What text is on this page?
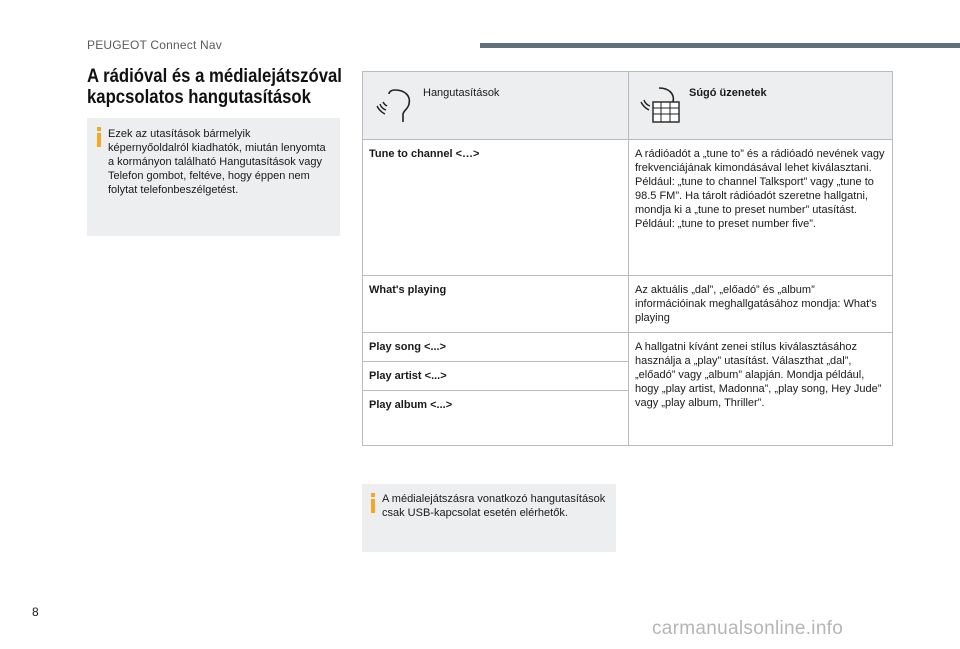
PEUGEOT Connect Nav
A rádióval és a médialejátszóval
kapcsolatos hangutasítások
Ezek az utasítások bármelyik képernyőoldalról kiadhatók, miután lenyomta a kormányon található Hangutasítások vagy Telefon gombot, feltéve, hogy éppen nem folytat telefonbeszélgetést.
Hangutasítások	Súgó üzenetek

Tune to channel <…>	A rádióadót a „tune to” és a rádióadó nevének vagy frekvenciájának kimondásával lehet kiválasztani. Például: „tune to channel Talksport” vagy „tune to 98.5 FM”. Ha tárolt rádióadót szeretne hallgatni, mondja ki a „tune to preset number” utasítást. Például: „tune to preset number five”.
What's playing	Az aktuális „dal”, „előadó” és „album” információinak meghallgatásához mondja: What's playing
Play song <...>	A hallgatni kívánt zenei stílus kiválasztásához használja a „play” utasítást. Választhat „dal”, „előadó” vagy „album” alapján. Mondja például, hogy „play artist, Madonna”, „play song, Hey Jude” vagy „play album, Thriller”.
Play artist <...>	
Play album <...>	
A médialejátszásra vonatkozó hangutasítások csak USB-kapcsolat esetén elérhetők.
8
carmanualsonline.info
